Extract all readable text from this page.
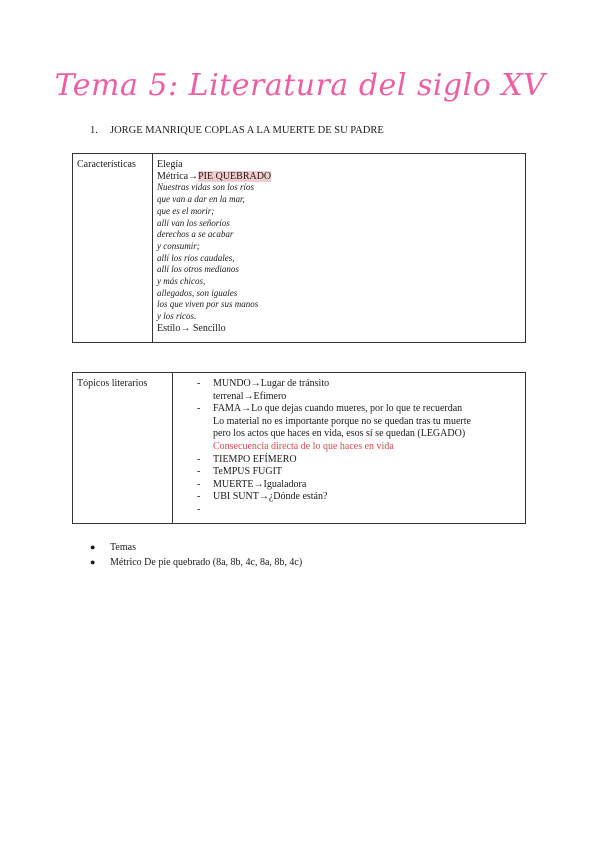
Tema 5: Literatura del siglo XV
1. JORGE MANRIQUE COPLAS A LA MUERTE DE SU PADRE
Características	Elegía
Métrica→PIE QUEBRADO
Nuestras vidas son los ríos
que van a dar en la mar,
que es el morir;
allí van los señoríos
derechos a se acabar
y consumir;
allí los ríos caudales,
allí los otros medianos
y más chicos,
allegados, son iguales
los que viven por sus manos
y los ricos.
Estilo→ Sencillo
Tópicos literarios	- MUNDO→Lugar de tránsito
terrenal→Efímero
- FAMA→Lo que dejas cuando mueres, por lo que te recuerdan
Lo material no es importante porque no se quedan tras tu muerte
pero los actos que haces en vida, esos sí se quedan (LEGADO)
Consecuencia directa de lo que haces en vida
- TIEMPO EFÍMERO
- TeMPUS FUGIT
- MUERTE→Igualadora
- UBI SUNT→¿Dónde están?
-
● Temas
● Métrico De pie quebrado (8a, 8b, 4c, 8a, 8b, 4c)
